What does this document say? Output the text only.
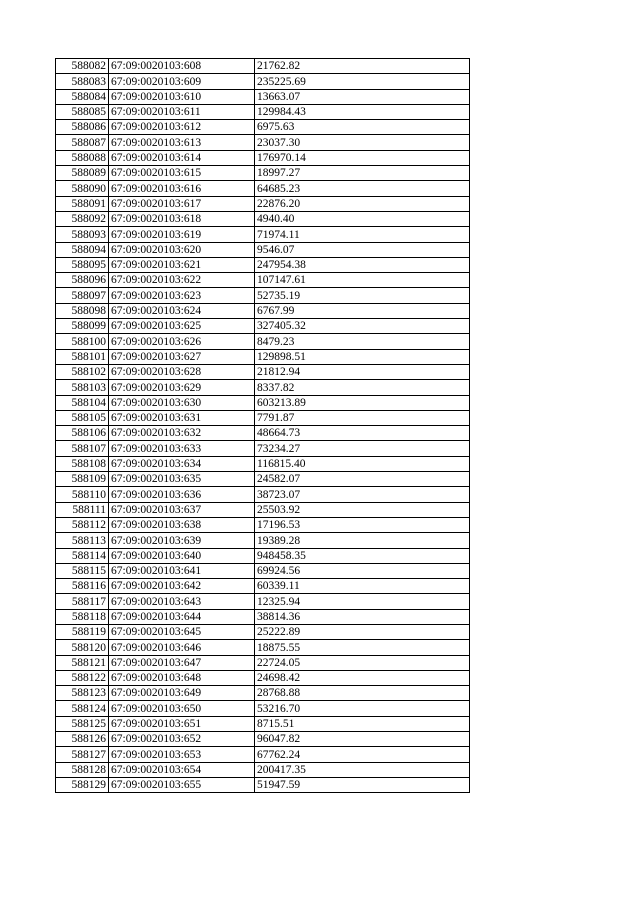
588082	67:09:0020103:608	21762.82
588083	67:09:0020103:609	235225.69
588084	67:09:0020103:610	13663.07
588085	67:09:0020103:611	129984.43
588086	67:09:0020103:612	6975.63
588087	67:09:0020103:613	23037.30
588088	67:09:0020103:614	176970.14
588089	67:09:0020103:615	18997.27
588090	67:09:0020103:616	64685.23
588091	67:09:0020103:617	22876.20
588092	67:09:0020103:618	4940.40
588093	67:09:0020103:619	71974.11
588094	67:09:0020103:620	9546.07
588095	67:09:0020103:621	247954.38
588096	67:09:0020103:622	107147.61
588097	67:09:0020103:623	52735.19
588098	67:09:0020103:624	6767.99
588099	67:09:0020103:625	327405.32
588100	67:09:0020103:626	8479.23
588101	67:09:0020103:627	129898.51
588102	67:09:0020103:628	21812.94
588103	67:09:0020103:629	8337.82
588104	67:09:0020103:630	603213.89
588105	67:09:0020103:631	7791.87
588106	67:09:0020103:632	48664.73
588107	67:09:0020103:633	73234.27
588108	67:09:0020103:634	116815.40
588109	67:09:0020103:635	24582.07
588110	67:09:0020103:636	38723.07
588111	67:09:0020103:637	25503.92
588112	67:09:0020103:638	17196.53
588113	67:09:0020103:639	19389.28
588114	67:09:0020103:640	948458.35
588115	67:09:0020103:641	69924.56
588116	67:09:0020103:642	60339.11
588117	67:09:0020103:643	12325.94
588118	67:09:0020103:644	38814.36
588119	67:09:0020103:645	25222.89
588120	67:09:0020103:646	18875.55
588121	67:09:0020103:647	22724.05
588122	67:09:0020103:648	24698.42
588123	67:09:0020103:649	28768.88
588124	67:09:0020103:650	53216.70
588125	67:09:0020103:651	8715.51
588126	67:09:0020103:652	96047.82
588127	67:09:0020103:653	67762.24
588128	67:09:0020103:654	200417.35
588129	67:09:0020103:655	51947.59
